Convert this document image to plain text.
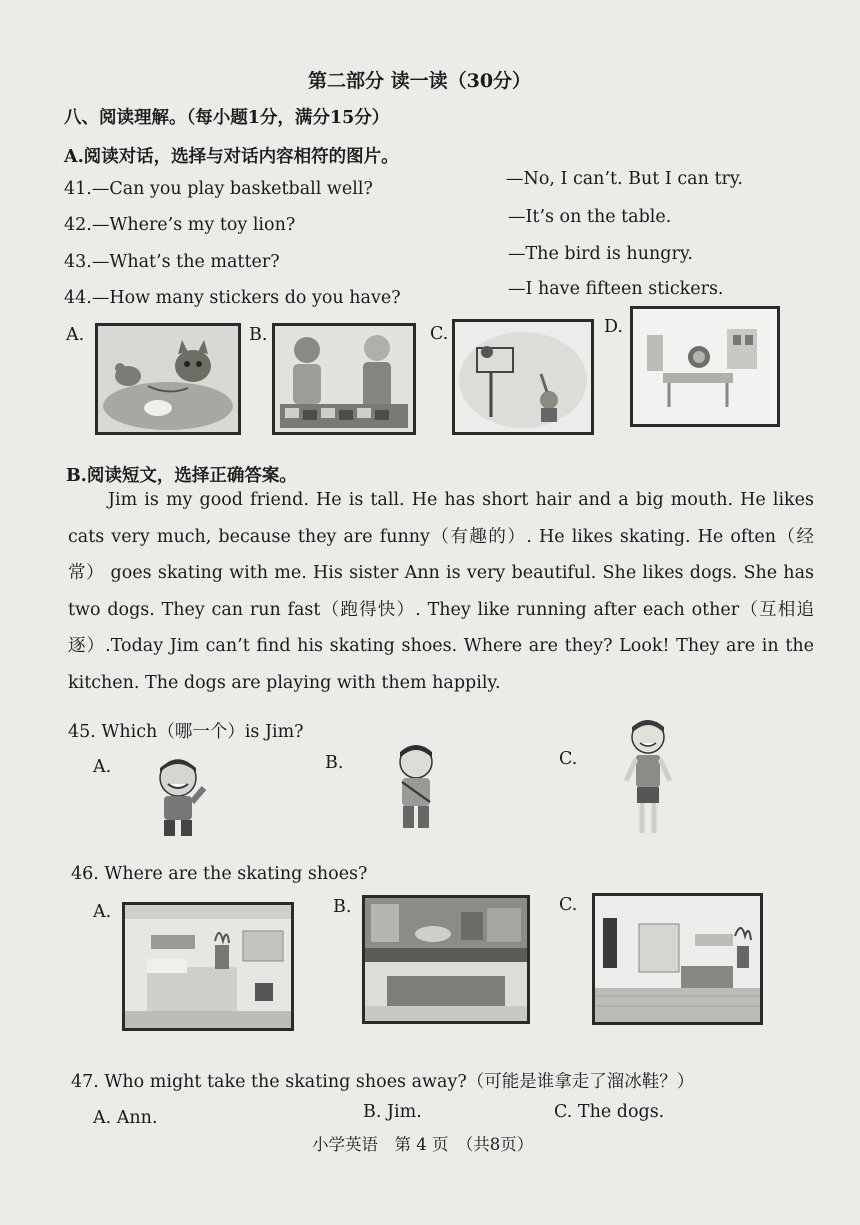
第二部分 读一读（30分）
八、阅读理解。（每小题1分，满分15分）
A.阅读对话，选择与对话内容相符的图片。
41.—Can you play basketball well?	—No, I can’t. But I can try.
42.—Where’s my toy lion?	—It’s on the table.
43.—What’s the matter?	—The bird is hungry.
44.—How many stickers do you have?	—I have fifteen stickers.
A.	B.	C.	D.
B.阅读短文，选择正确答案。
Jim is my good friend. He is tall. He has short hair and a big mouth. He likes cats very much, because they are funny（有趣的）. He likes skating. He often（经常） goes skating with me. His sister Ann is very beautiful. She likes dogs. She has two dogs. They can run fast（跑得快）. They like running after each other（互相追逐）.Today Jim can’t find his skating shoes. Where are they? Look! They are in the kitchen. The dogs are playing with them happily.
45. Which（哪一个）is Jim?
A.	B.	C.
46. Where are the skating shoes?
A.	B.	C.
47. Who might take the skating shoes away?（可能是谁拿走了溜冰鞋？）
A. Ann.	B. Jim.	C. The dogs.
小学英语　第 4 页　（共8页）
